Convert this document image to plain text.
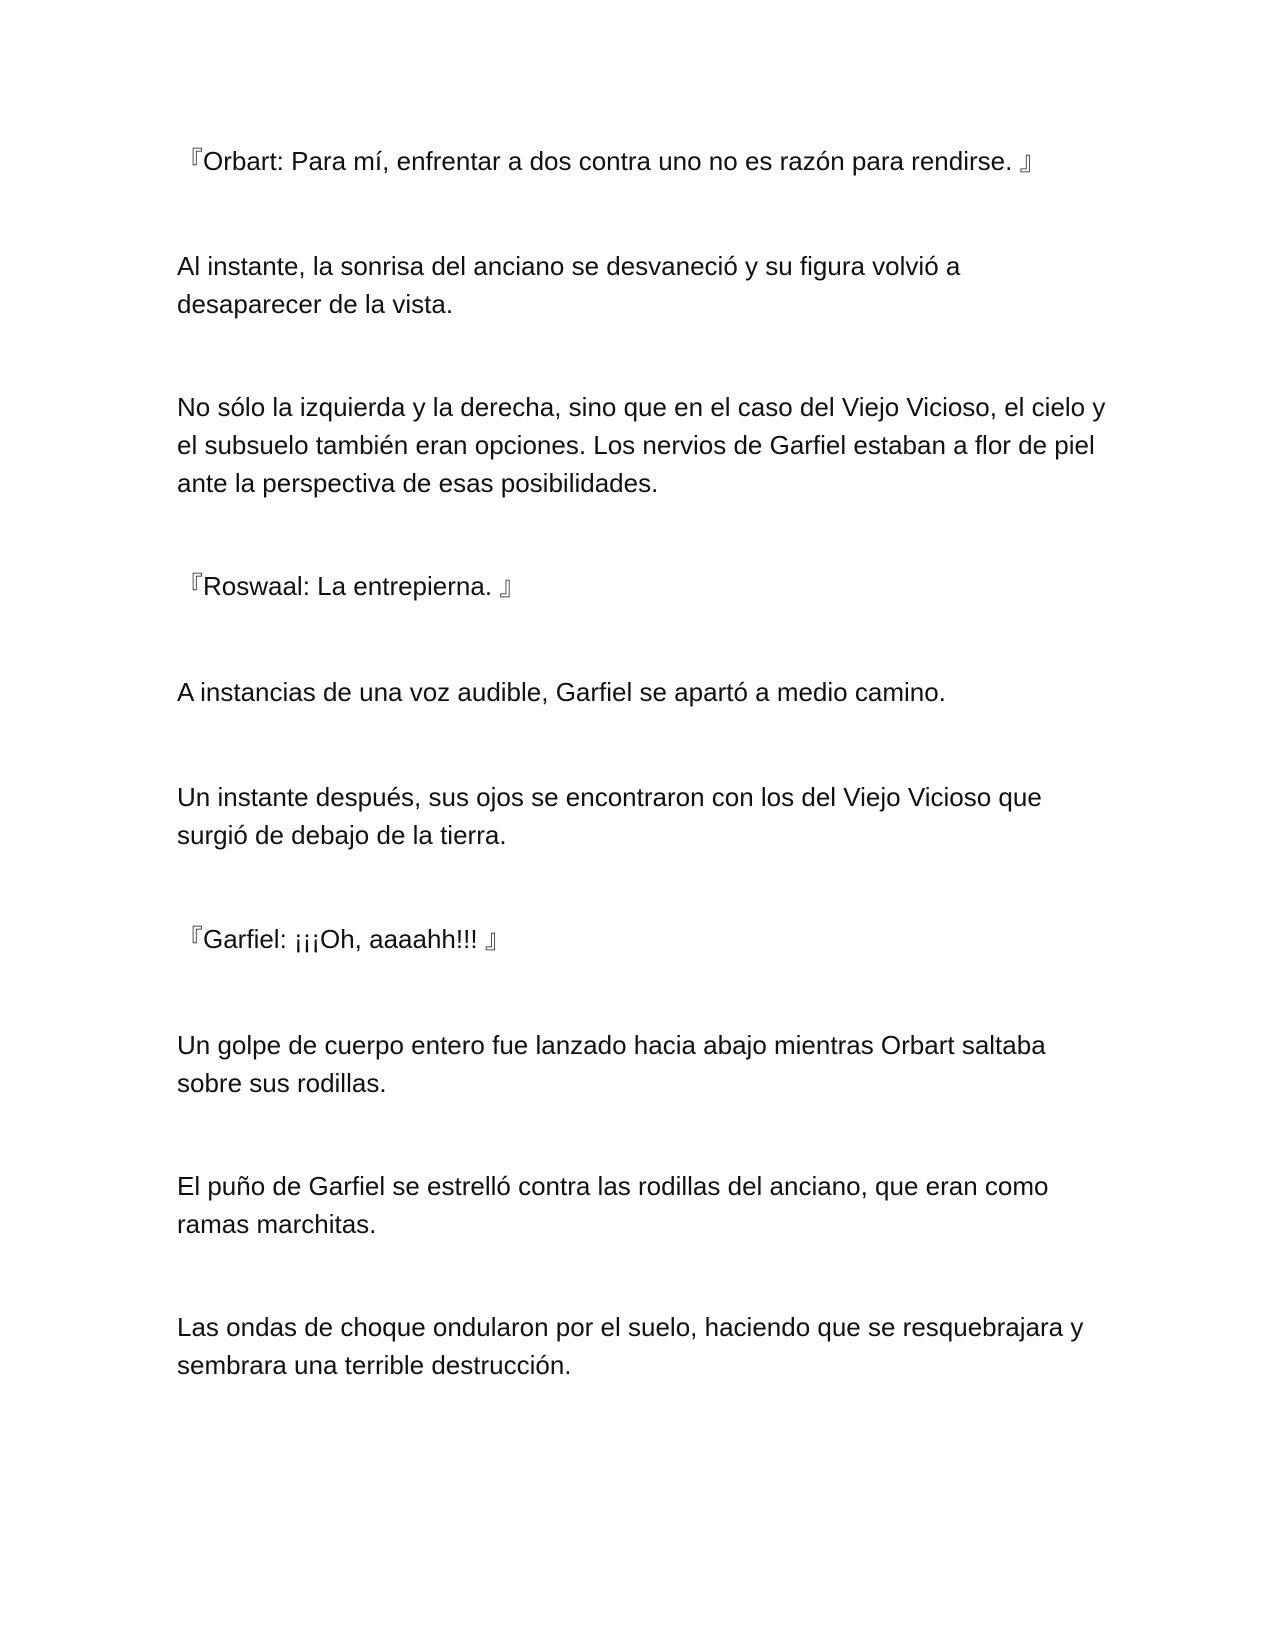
『Orbart: Para mí, enfrentar a dos contra uno no es razón para rendirse. 』

Al instante, la sonrisa del anciano se desvaneció y su figura volvió a desaparecer de la vista.

No sólo la izquierda y la derecha, sino que en el caso del Viejo Vicioso, el cielo y el subsuelo también eran opciones. Los nervios de Garfiel estaban a flor de piel ante la perspectiva de esas posibilidades.

『Roswaal: La entrepierna. 』

A instancias de una voz audible, Garfiel se apartó a medio camino.

Un instante después, sus ojos se encontraron con los del Viejo Vicioso que surgió de debajo de la tierra.

『Garfiel: ¡¡¡Oh, aaaahh!!! 』

Un golpe de cuerpo entero fue lanzado hacia abajo mientras Orbart saltaba sobre sus rodillas.

El puño de Garfiel se estrelló contra las rodillas del anciano, que eran como ramas marchitas.

Las ondas de choque ondularon por el suelo, haciendo que se resquebrajara y sembrara una terrible destrucción.
